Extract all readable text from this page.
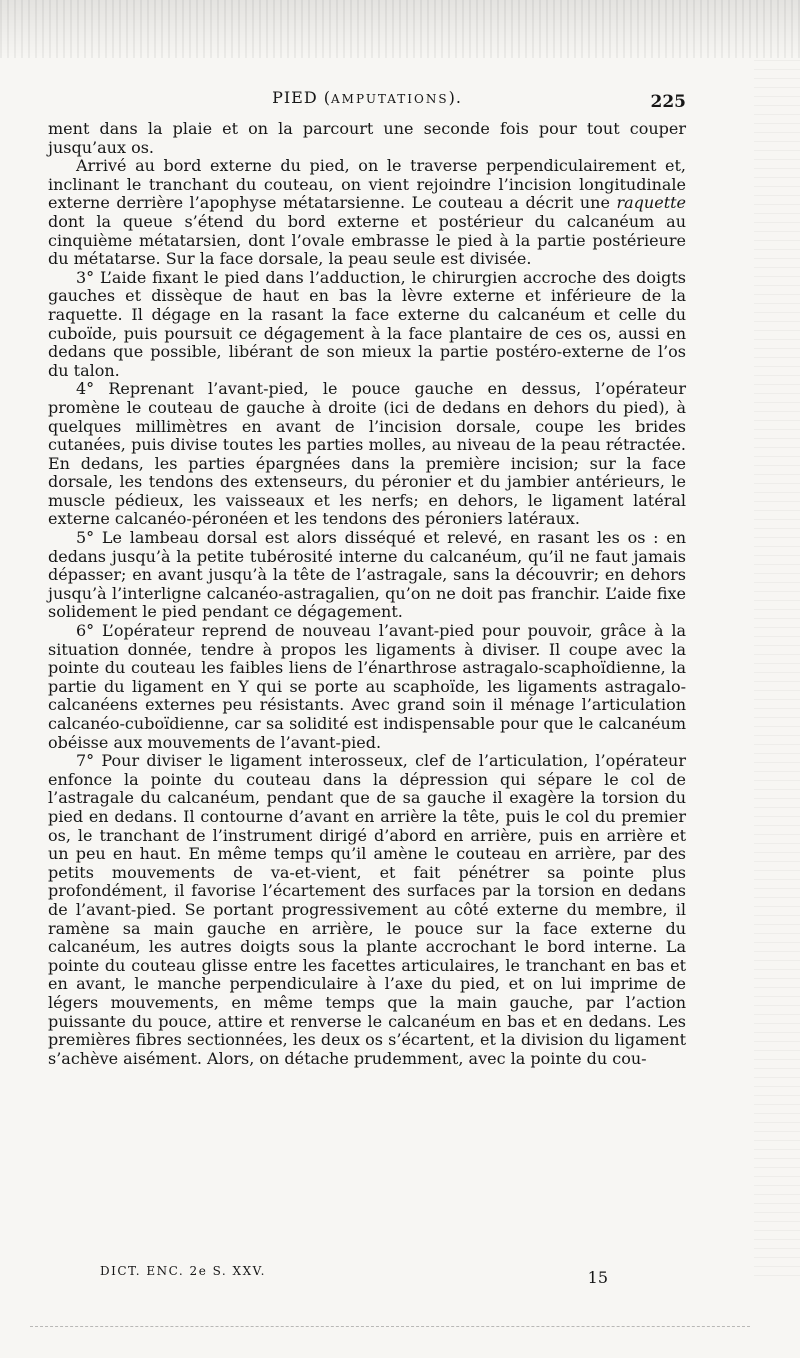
PIED (AMPUTATIONS).	225

ment dans la plaie et on la parcourt une seconde fois pour tout couper jusqu’aux os.

Arrivé au bord externe du pied, on le traverse perpendiculairement et, inclinant le tranchant du couteau, on vient rejoindre l’incision longitudinale externe derrière l’apophyse métatarsienne. Le couteau a décrit une raquette dont la queue s’étend du bord externe et postérieur du calcanéum au cinquième métatarsien, dont l’ovale embrasse le pied à la partie postérieure du métatarse. Sur la face dorsale, la peau seule est divisée.

3° L’aide fixant le pied dans l’adduction, le chirurgien accroche des doigts gauches et dissèque de haut en bas la lèvre externe et inférieure de la raquette. Il dégage en la rasant la face externe du calcanéum et celle du cuboïde, puis poursuit ce dégagement à la face plantaire de ces os, aussi en dedans que possible, libérant de son mieux la partie postéro-externe de l’os du talon.

4° Reprenant l’avant-pied, le pouce gauche en dessus, l’opérateur promène le couteau de gauche à droite (ici de dedans en dehors du pied), à quelques millimètres en avant de l’incision dorsale, coupe les brides cutanées, puis divise toutes les parties molles, au niveau de la peau rétractée. En dedans, les parties épargnées dans la première incision; sur la face dorsale, les tendons des extenseurs, du péronier et du jambier antérieurs, le muscle pédieux, les vaisseaux et les nerfs; en dehors, le ligament latéral externe calcanéo-péronéen et les tendons des péroniers latéraux.

5° Le lambeau dorsal est alors disséqué et relevé, en rasant les os : en dedans jusqu’à la petite tubérosité interne du calcanéum, qu’il ne faut jamais dépasser; en avant jusqu’à la tête de l’astragale, sans la découvrir; en dehors jusqu’à l’interligne calcanéo-astragalien, qu’on ne doit pas franchir. L’aide fixe solidement le pied pendant ce dégagement.

6° L’opérateur reprend de nouveau l’avant-pied pour pouvoir, grâce à la situation donnée, tendre à propos les ligaments à diviser. Il coupe avec la pointe du couteau les faibles liens de l’énarthrose astragalo-scaphoïdienne, la partie du ligament en Y qui se porte au scaphoïde, les ligaments astragalo-calcanéens externes peu résistants. Avec grand soin il ménage l’articulation calcanéo-cuboïdienne, car sa solidité est indispensable pour que le calcanéum obéisse aux mouvements de l’avant-pied.

7° Pour diviser le ligament interosseux, clef de l’articulation, l’opérateur enfonce la pointe du couteau dans la dépression qui sépare le col de l’astragale du calcanéum, pendant que de sa gauche il exagère la torsion du pied en dedans. Il contourne d’avant en arrière la tête, puis le col du premier os, le tranchant de l’instrument dirigé d’abord en arrière, puis en arrière et un peu en haut. En même temps qu’il amène le couteau en arrière, par des petits mouvements de va-et-vient, et fait pénétrer sa pointe plus profondément, il favorise l’écartement des surfaces par la torsion en dedans de l’avant-pied. Se portant progressivement au côté externe du membre, il ramène sa main gauche en arrière, le pouce sur la face externe du calcanéum, les autres doigts sous la plante accrochant le bord interne. La pointe du couteau glisse entre les facettes articulaires, le tranchant en bas et en avant, le manche perpendiculaire à l’axe du pied, et on lui imprime de légers mouvements, en même temps que la main gauche, par l’action puissante du pouce, attire et renverse le calcanéum en bas et en dedans. Les premières fibres sectionnées, les deux os s’écartent, et la division du ligament s’achève aisément. Alors, on détache prudemment, avec la pointe du cou-

DICT. ENC. 2e S. XXV.	15
